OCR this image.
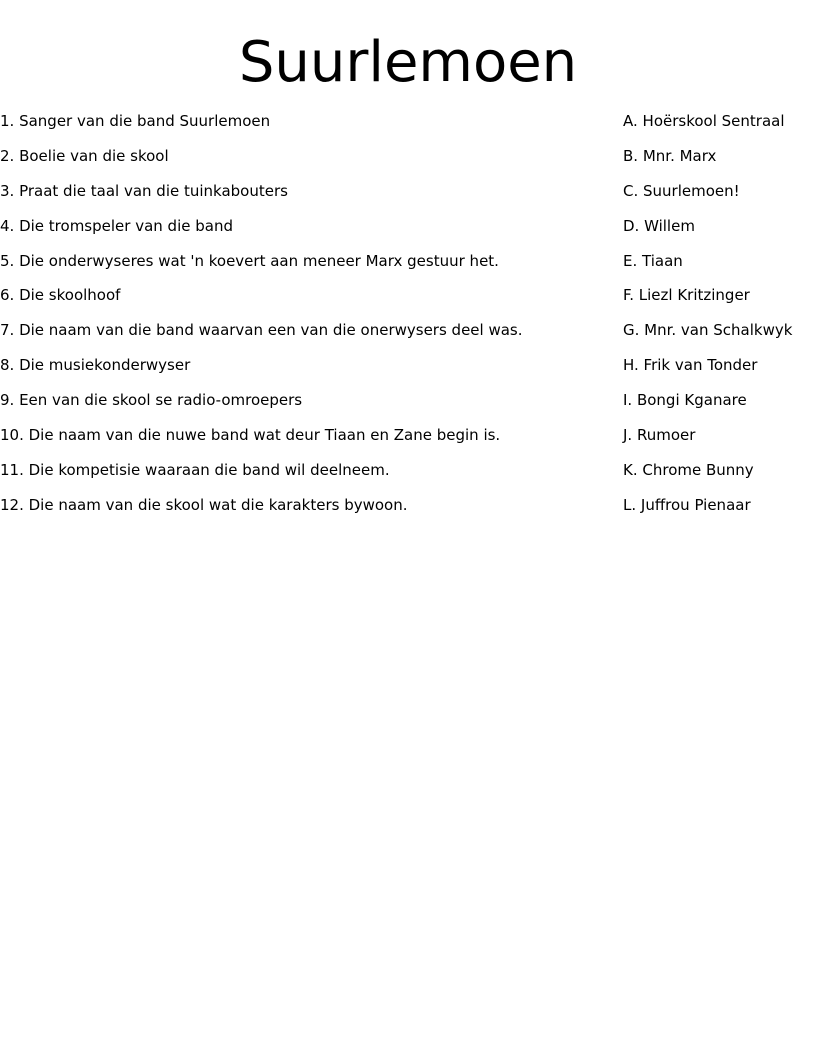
Suurlemoen
1. Sanger van die band Suurlemoen
2. Boelie van die skool
3. Praat die taal van die tuinkabouters
4. Die tromspeler van die band
5. Die onderwyseres wat 'n koevert aan meneer Marx gestuur het.
6. Die skoolhoof
7. Die naam van die band waarvan een van die onerwysers deel was.
8. Die musiekonderwyser
9. Een van die skool se radio-omroepers
10. Die naam van die nuwe band wat deur Tiaan en Zane begin is.
11. Die kompetisie waaraan die band wil deelneem.
12. Die naam van die skool wat die karakters bywoon.
A. Hoërskool Sentraal
B. Mnr. Marx
C. Suurlemoen!
D. Willem
E. Tiaan
F. Liezl Kritzinger
G. Mnr. van Schalkwyk
H. Frik van Tonder
I. Bongi Kganare
J. Rumoer
K. Chrome Bunny
L. Juffrou Pienaar
